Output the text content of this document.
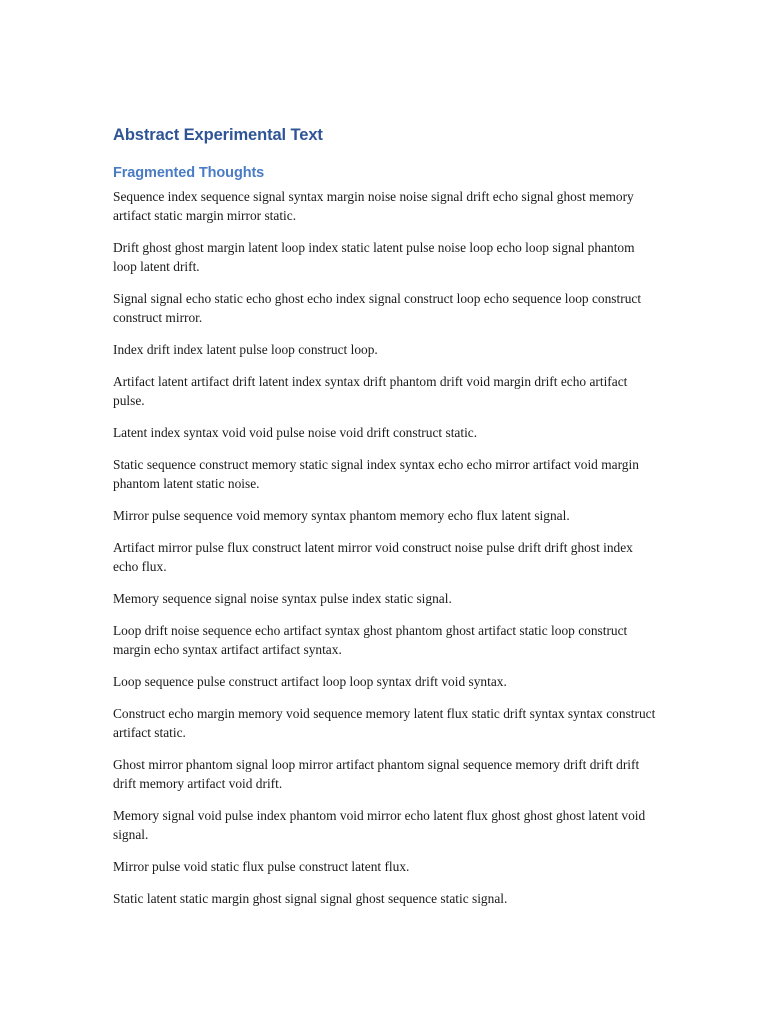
Abstract Experimental Text
Fragmented Thoughts

Sequence index sequence signal syntax margin noise noise signal drift echo signal ghost memory artifact static margin mirror static.

Drift ghost ghost margin latent loop index static latent pulse noise loop echo loop signal phantom loop latent drift.

Signal signal echo static echo ghost echo index signal construct loop echo sequence loop construct construct mirror.

Index drift index latent pulse loop construct loop.

Artifact latent artifact drift latent index syntax drift phantom drift void margin drift echo artifact pulse.

Latent index syntax void void pulse noise void drift construct static.

Static sequence construct memory static signal index syntax echo echo mirror artifact void margin phantom latent static noise.

Mirror pulse sequence void memory syntax phantom memory echo flux latent signal.

Artifact mirror pulse flux construct latent mirror void construct noise pulse drift drift ghost index echo flux.

Memory sequence signal noise syntax pulse index static signal.

Loop drift noise sequence echo artifact syntax ghost phantom ghost artifact static loop construct margin echo syntax artifact artifact syntax.

Loop sequence pulse construct artifact loop loop syntax drift void syntax.

Construct echo margin memory void sequence memory latent flux static drift syntax syntax construct artifact static.

Ghost mirror phantom signal loop mirror artifact phantom signal sequence memory drift drift drift drift memory artifact void drift.

Memory signal void pulse index phantom void mirror echo latent flux ghost ghost ghost latent void signal.

Mirror pulse void static flux pulse construct latent flux.

Static latent static margin ghost signal signal ghost sequence static signal.
